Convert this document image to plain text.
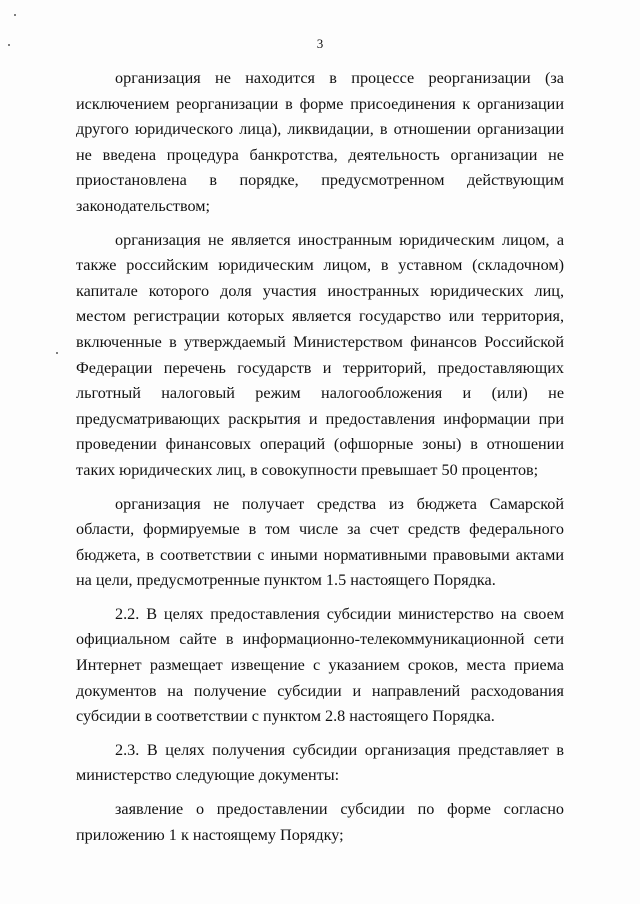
3

организация не находится в процессе реорганизации (за исключением реорганизации в форме присоединения к организации другого юридического лица), ликвидации, в отношении организации не введена процедура банкротства, деятельность организации не приостановлена в порядке, предусмотренном действующим законодательством;

организация не является иностранным юридическим лицом, а также российским юридическим лицом, в уставном (складочном) капитале которого доля участия иностранных юридических лиц, местом регистрации которых является государство или территория, включенные в утверждаемый Министерством финансов Российской Федерации перечень государств и территорий, предоставляющих льготный налоговый режим налогообложения и (или) не предусматривающих раскрытия и предоставления информации при проведении финансовых операций (офшорные зоны) в отношении таких юридических лиц, в совокупности превышает 50 процентов;

организация не получает средства из бюджета Самарской области, формируемые в том числе за счет средств федерального бюджета, в соответствии с иными нормативными правовыми актами на цели, предусмотренные пунктом 1.5 настоящего Порядка.

2.2. В целях предоставления субсидии министерство на своем официальном сайте в информационно-телекоммуникационной сети Интернет размещает извещение с указанием сроков, места приема документов на получение субсидии и направлений расходования субсидии в соответствии с пунктом 2.8 настоящего Порядка.

2.3. В целях получения субсидии организация представляет в министерство следующие документы:

заявление о предоставлении субсидии по форме согласно приложению 1 к настоящему Порядку;
